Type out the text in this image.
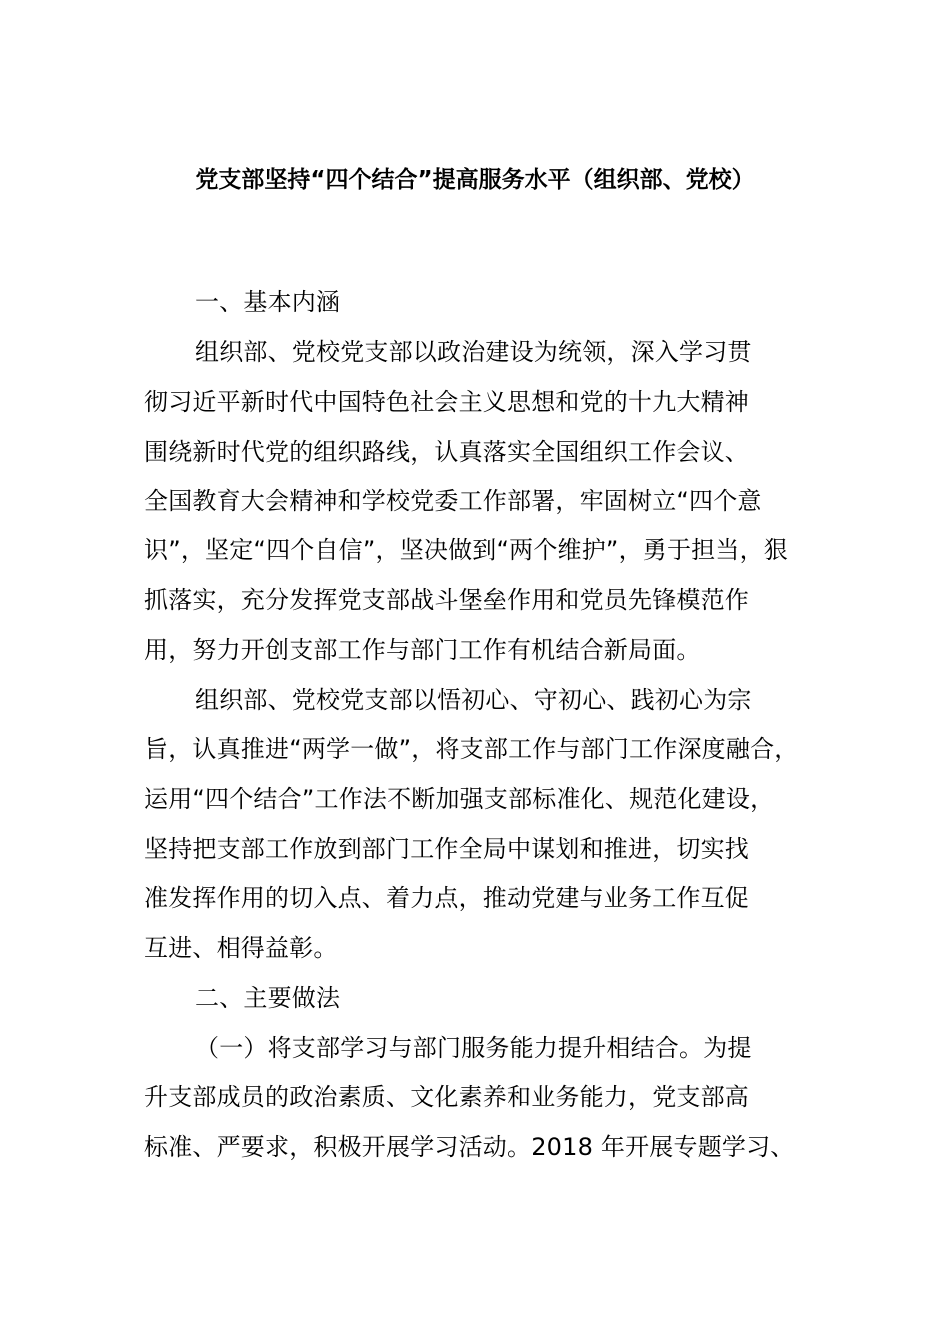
党支部坚持“四个结合”提高服务水平（组织部、党校）
一、基本内涵
组织部、党校党支部以政治建设为统领，深入学习贯
彻习近平新时代中国特色社会主义思想和党的十九大精神
围绕新时代党的组织路线，认真落实全国组织工作会议、
全国教育大会精神和学校党委工作部署，牢固树立“四个意
识”，坚定“四个自信”，坚决做到“两个维护”，勇于担当，狠
抓落实，充分发挥党支部战斗堡垒作用和党员先锋模范作
用，努力开创支部工作与部门工作有机结合新局面。
组织部、党校党支部以悟初心、守初心、践初心为宗
旨，认真推进“两学一做”，将支部工作与部门工作深度融合，
运用“四个结合”工作法不断加强支部标准化、规范化建设，
坚持把支部工作放到部门工作全局中谋划和推进，切实找
准发挥作用的切入点、着力点，推动党建与业务工作互促
互进、相得益彰。
二、主要做法
（一）将支部学习与部门服务能力提升相结合。为提
升支部成员的政治素质、文化素养和业务能力，党支部高
标准、严要求，积极开展学习活动。2018 年开展专题学习、
